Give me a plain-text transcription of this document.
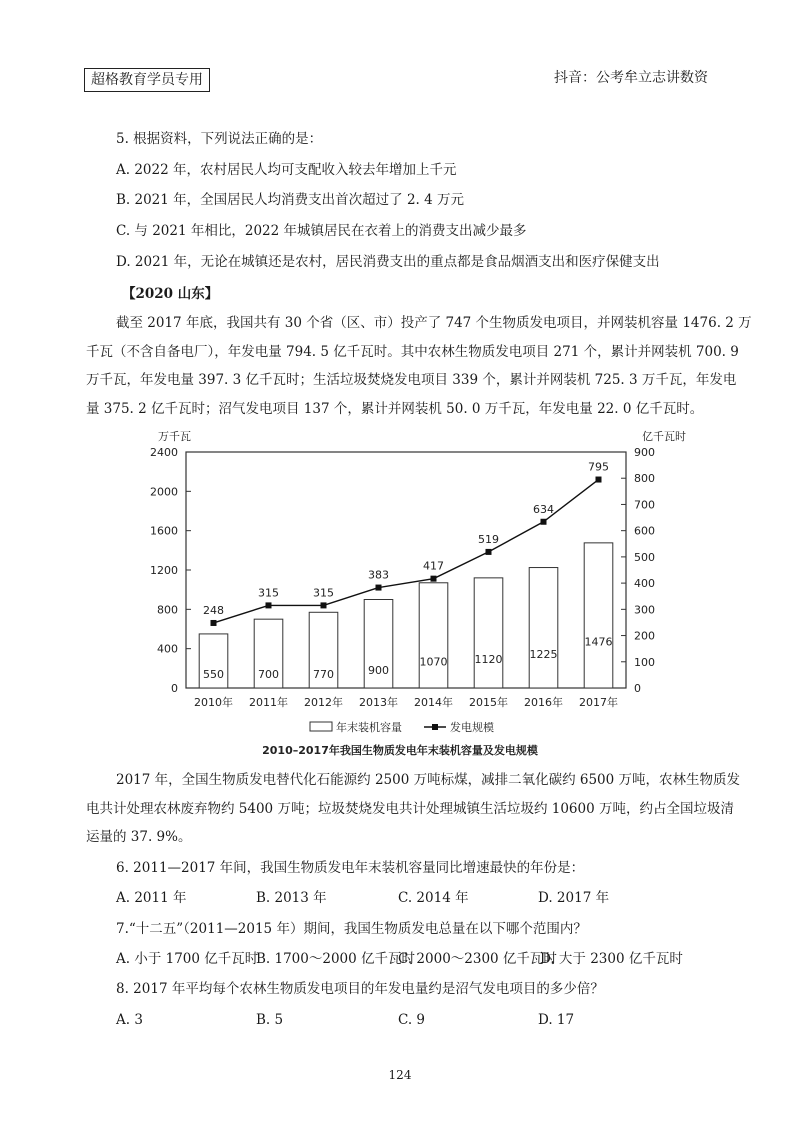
超格教育学员专用	抖音：公考牟立志讲数资
5. 根据资料，下列说法正确的是：
A. 2022 年，农村居民人均可支配收入较去年增加上千元
B. 2021 年，全国居民人均消费支出首次超过了 2. 4 万元
C. 与 2021 年相比，2022 年城镇居民在衣着上的消费支出减少最多
D. 2021 年，无论在城镇还是农村，居民消费支出的重点都是食品烟酒支出和医疗保健支出
【2020 山东】
截至 2017 年底，我国共有 30 个省（区、市）投产了 747 个生物质发电项目，并网装机容量 1476. 2 万
千瓦（不含自备电厂），年发电量 794. 5 亿千瓦时。其中农林生物质发电项目 271 个，累计并网装机 700. 9
万千瓦，年发电量 397. 3 亿千瓦时；生活垃圾焚烧发电项目 339 个，累计并网装机 725. 3 万千瓦，年发电
量 375. 2 亿千瓦时；沼气发电项目 137 个，累计并网装机 50. 0 万千瓦，年发电量 22. 0 亿千瓦时。
0
400
800
1200
1600
2000
2400
0
100
200
300
400
500
600
700
800
900
万千瓦	亿千瓦时
550	700	770	900
1070 1120 1225
1476
248
315	315
383
417
519
634
795
2010年 2011年 2012年 2013年 2014年 2015年 2016年 2017年
年末装机容量	发电规模
2010–2017年我国生物质发电年末装机容量及发电规模
2017 年，全国生物质发电替代化石能源约 2500 万吨标煤，减排二氧化碳约 6500 万吨，农林生物质发
电共计处理农林废弃物约 5400 万吨；垃圾焚烧发电共计处理城镇生活垃圾约 10600 万吨，约占全国垃圾清
运量的 37. 9%。
6. 2011—2017 年间，我国生物质发电年末装机容量同比增速最快的年份是：
A. 2011 年	B. 2013 年	C. 2014 年	D. 2017 年
7.“十二五”（2011—2015 年）期间，我国生物质发电总量在以下哪个范围内？
A. 小于 1700 亿千瓦时
B. 1700～2000 亿千瓦时
C. 2000～2300 亿千瓦时
D. 大于 2300 亿千瓦时
8. 2017 年平均每个农林生物质发电项目的年发电量约是沼气发电项目的多少倍？
A. 3	B. 5	C. 9	D. 17
124
